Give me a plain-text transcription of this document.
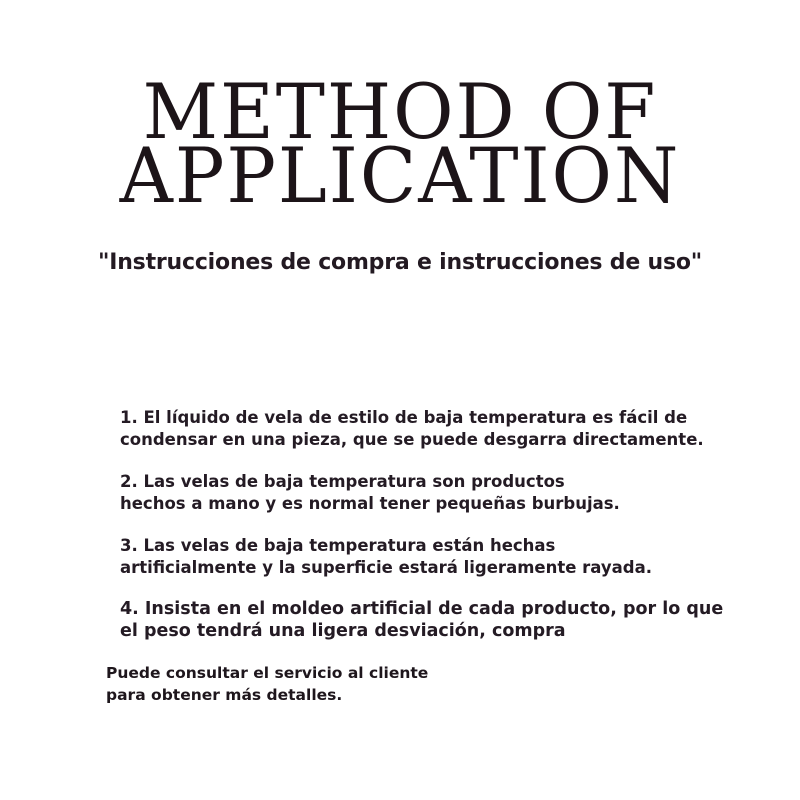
METHOD OF
APPLICATION

"Instrucciones de compra e instrucciones de uso"

1. El líquido de vela de estilo de baja temperatura es fácil de
condensar en una pieza, que se puede desgarra directamente.
2. Las velas de baja temperatura son productos
hechos a mano y es normal tener pequeñas burbujas.
3. Las velas de baja temperatura están hechas
artificialmente y la superficie estará ligeramente rayada.
4. Insista en el moldeo artificial de cada producto, por lo que
el peso tendrá una ligera desviación, compra
Puede consultar el servicio al cliente
para obtener más detalles.
